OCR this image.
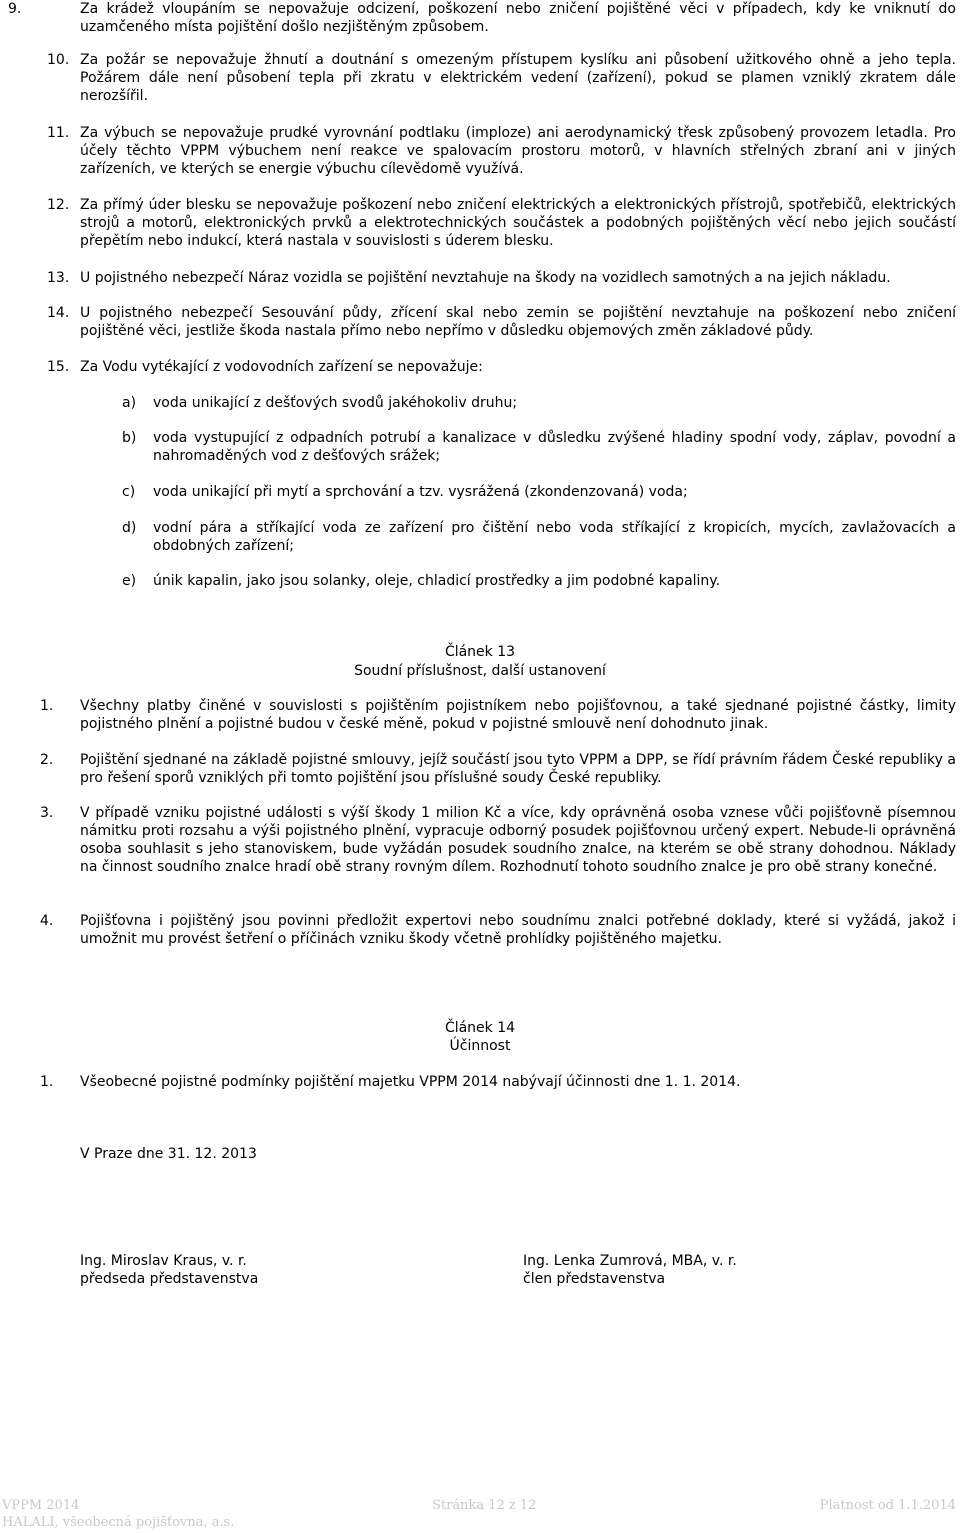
9.	Za krádež vloupáním se nepovažuje odcizení, poškození nebo zničení pojištěné věci v případech, kdy ke vniknutí do uzamčeného místa pojištění došlo nezjištěným způsobem.
10. Za požár se nepovažuje žhnutí a doutnání s omezeným přístupem kyslíku ani působení užitkového ohně a jeho tepla. Požárem dále není působení tepla při zkratu v elektrickém vedení (zařízení), pokud se plamen vzniklý zkratem dále nerozšířil.
11. Za výbuch se nepovažuje prudké vyrovnání podtlaku (imploze) ani aerodynamický třesk způsobený provozem letadla. Pro účely těchto VPPM výbuchem není reakce ve spalovacím prostoru motorů, v hlavních střelných zbraní ani v jiných zařízeních, ve kterých se energie výbuchu cílevědomě využívá.
12. Za přímý úder blesku se nepovažuje poškození nebo zničení elektrických a elektronických přístrojů, spotřebičů, elektrických strojů a motorů, elektronických prvků a elektrotechnických součástek a podobných pojištěných věcí nebo jejich součástí přepětím nebo indukcí, která nastala v souvislosti s úderem blesku.
13. U pojistného nebezpečí Náraz vozidla se pojištění nevztahuje na škody na vozidlech samotných a na jejich nákladu.
14. U pojistného nebezpečí Sesouvání půdy, zřícení skal nebo zemin se pojištění nevztahuje na poškození nebo zničení pojištěné věci, jestliže škoda nastala přímo nebo nepřímo v důsledku objemových změn základové půdy.
15. Za Vodu vytékající z vodovodních zařízení se nepovažuje:
a) voda unikající z dešťových svodů jakéhokoliv druhu;
b) voda vystupující z odpadních potrubí a kanalizace v důsledku zvýšené hladiny spodní vody, záplav, povodní a nahromaděných vod z dešťových srážek;
c) voda unikající při mytí a sprchování a tzv. vysrážená (zkondenzovaná) voda;
d) vodní pára a stříkající voda ze zařízení pro čištění nebo voda stříkající z kropicích, mycích, zavlažovacích a obdobných zařízení;
e) únik kapalin, jako jsou solanky, oleje, chladicí prostředky a jim podobné kapaliny.
Článek 13
Soudní příslušnost, další ustanovení
1. Všechny platby činěné v souvislosti s pojištěním pojistníkem nebo pojišťovnou, a také sjednané pojistné částky, limity pojistného plnění a pojistné budou v české měně, pokud v pojistné smlouvě není dohodnuto jinak.
2. Pojištění sjednané na základě pojistné smlouvy, jejíž součástí jsou tyto VPPM a DPP, se řídí právním řádem České republiky a pro řešení sporů vzniklých při tomto pojištění jsou příslušné soudy České republiky.
3. V případě vzniku pojistné události s výší škody 1 milion Kč a více, kdy oprávněná osoba vznese vůči pojišťovně písemnou námitku proti rozsahu a výši pojistného plnění, vypracuje odborný posudek pojišťovnou určený expert. Nebude-li oprávněná osoba souhlasit s jeho stanoviskem, bude vyžádán posudek soudního znalce, na kterém se obě strany dohodnou. Náklady na činnost soudního znalce hradí obě strany rovným dílem. Rozhodnutí tohoto soudního znalce je pro obě strany konečné.
4. Pojišťovna i pojištěný jsou povinni předložit expertovi nebo soudnímu znalci potřebné doklady, které si vyžádá, jakož i umožnit mu provést šetření o příčinách vzniku škody včetně prohlídky pojištěného majetku.
Článek 14
Účinnost
1. Všeobecné pojistné podmínky pojištění majetku VPPM 2014 nabývají účinnosti dne 1. 1. 2014.
V Praze dne 31. 12. 2013
Ing. Miroslav Kraus, v. r.
předseda představenstva
Ing. Lenka Zumrová, MBA, v. r.
člen představenstva
VPPM 2014
HALALI, všeobecná pojišťovna, a.s.
Stránka 12 z 12	Platnost od 1.1.2014
